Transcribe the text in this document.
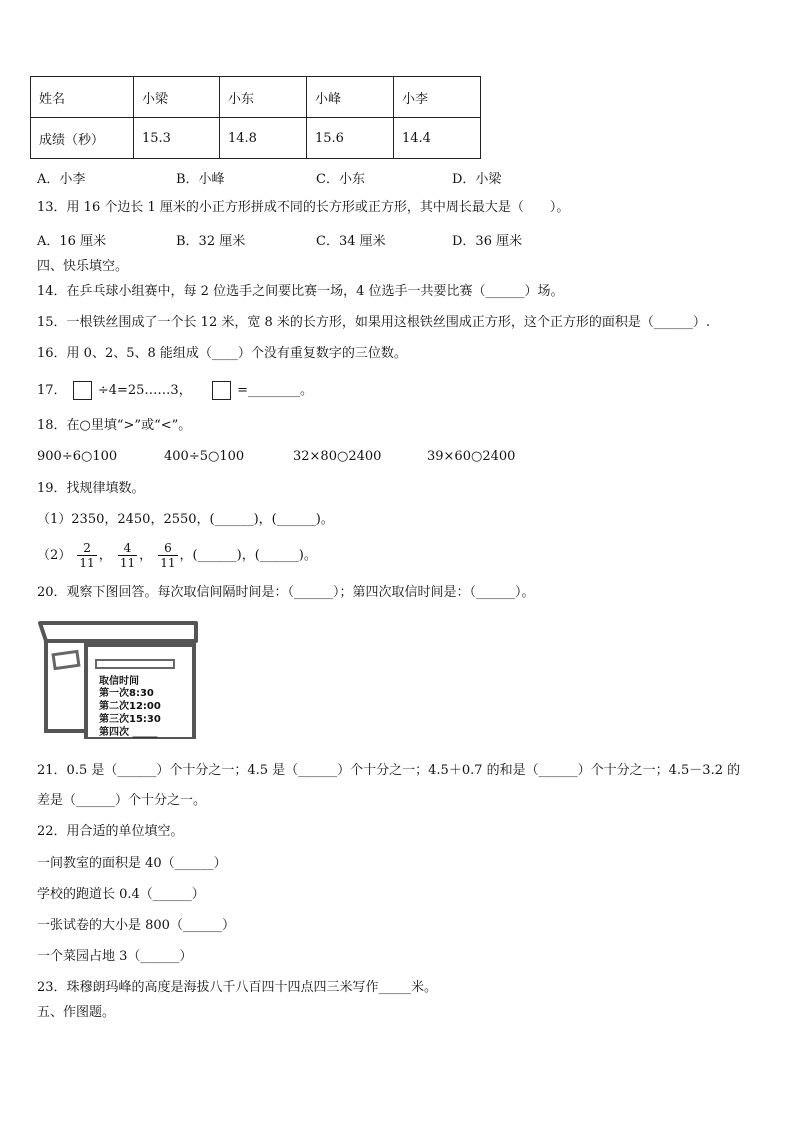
姓名	小梁	小东	小峰	小李
成绩（秒）	15.3	14.8	15.6	14.4
A．小李	B．小峰	C．小东	D．小梁
13．用 16 个边长 1 厘米的小正方形拼成不同的长方形或正方形，其中周长最大是（　　）。
A．16 厘米	B．32 厘米	C．34 厘米	D．36 厘米
四、快乐填空。
14．在乒乓球小组赛中，每 2 位选手之间要比赛一场，4 位选手一共要比赛（______）场。
15．一根铁丝围成了一个长 12 米，宽 8 米的长方形，如果用这根铁丝围成正方形，这个正方形的面积是（______）.
16．用 0、2、5、8 能组成（____）个没有重复数字的三位数。
17． ÷4=25……3，	=________。
18．在○里填“>”或“<”。
900÷6○100	400÷5○100	32×80○2400	39×60○2400
19．找规律填数。
（1）2350，2450，2550，(______)，(______)。
$(2) \frac{2}{11}$ ， $\frac{4}{11}$ ， $\frac{6}{11}$ ，(______)，(______)。
20．观察下图回答。每次取信间隔时间是：（______）；第四次取信时间是：（______）。
取信时间
第一次8:30
第二次12:00
第三次15:30
第四次 _____
21．0.5 是（______）个十分之一；4.5 是（______）个十分之一；4.5＋0.7 的和是（______）个十分之一；4.5－3.2 的
差是（______）个十分之一。
22．用合适的单位填空。
一间教室的面积是 40（______）
学校的跑道长 0.4（______）
一张试卷的大小是 800（______）
一个菜园占地 3（______）
23．珠穆朗玛峰的高度是海拔八千八百四十四点四三米写作_____米。
五、作图题。
